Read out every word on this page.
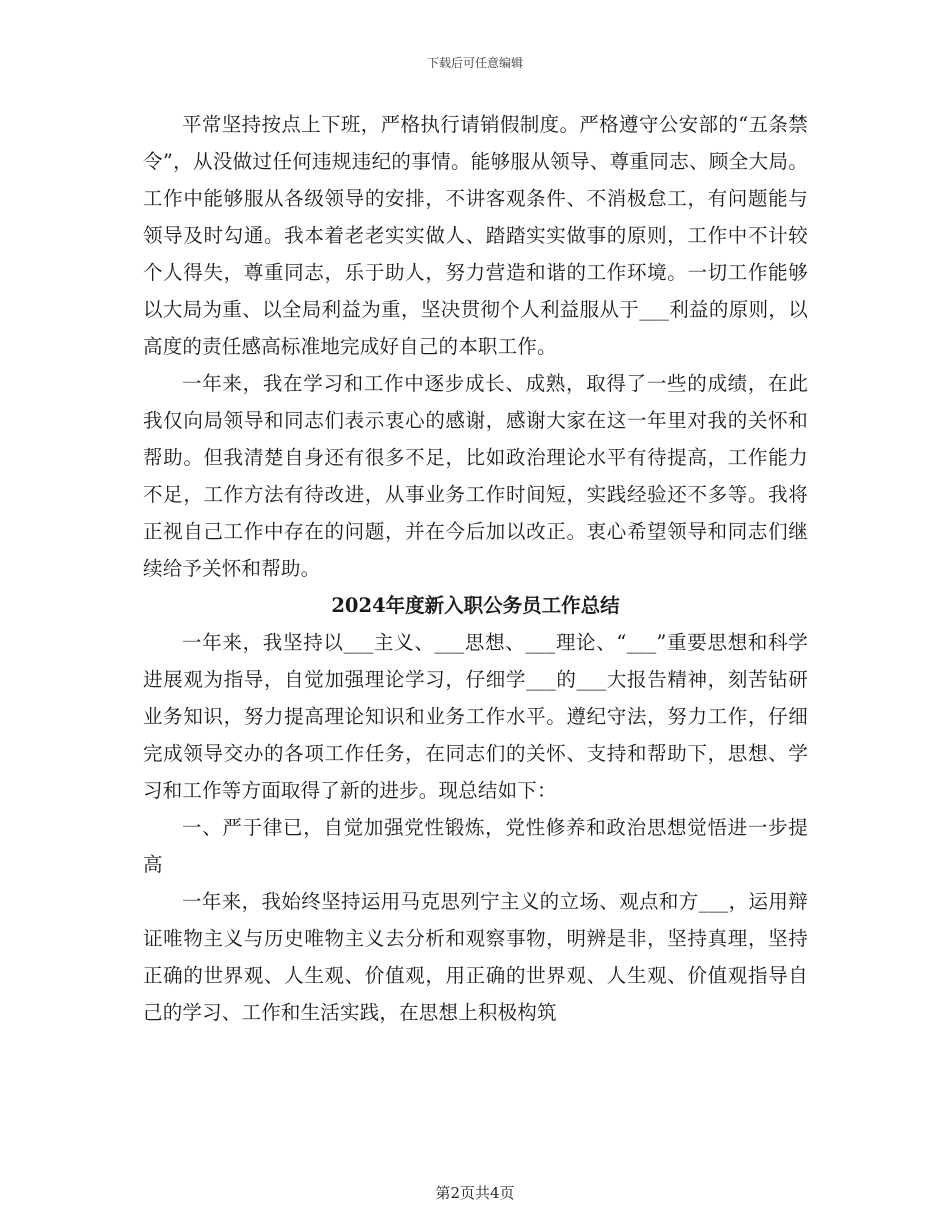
下载后可任意编辑

平常坚持按点上下班，严格执行请销假制度。严格遵守公安部的“五条禁令”，从没做过任何违规违纪的事情。能够服从领导、尊重同志、顾全大局。工作中能够服从各级领导的安排，不讲客观条件、不消极怠工，有问题能与领导及时勾通。我本着老老实实做人、踏踏实实做事的原则，工作中不计较个人得失，尊重同志，乐于助人，努力营造和谐的工作环境。一切工作能够以大局为重、以全局利益为重，坚决贯彻个人利益服从于___利益的原则，以高度的责任感高标准地完成好自己的本职工作。

一年来，我在学习和工作中逐步成长、成熟，取得了一些的成绩，在此我仅向局领导和同志们表示衷心的感谢，感谢大家在这一年里对我的关怀和帮助。但我清楚自身还有很多不足，比如政治理论水平有待提高，工作能力不足，工作方法有待改进，从事业务工作时间短，实践经验还不多等。我将正视自己工作中存在的问题，并在今后加以改正。衷心希望领导和同志们继续给予关怀和帮助。

2024年度新入职公务员工作总结

一年来，我坚持以___主义、___思想、___理论、“___”重要思想和科学进展观为指导，自觉加强理论学习，仔细学___的___大报告精神，刻苦钻研业务知识，努力提高理论知识和业务工作水平。遵纪守法，努力工作，仔细完成领导交办的各项工作任务，在同志们的关怀、支持和帮助下，思想、学习和工作等方面取得了新的进步。现总结如下：

一、严于律已，自觉加强党性锻炼，党性修养和政治思想觉悟进一步提高

一年来，我始终坚持运用马克思列宁主义的立场、观点和方___，运用辩证唯物主义与历史唯物主义去分析和观察事物，明辨是非，坚持真理，坚持正确的世界观、人生观、价值观，用正确的世界观、人生观、价值观指导自己的学习、工作和生活实践，在思想上积极构筑

第2页共4页
